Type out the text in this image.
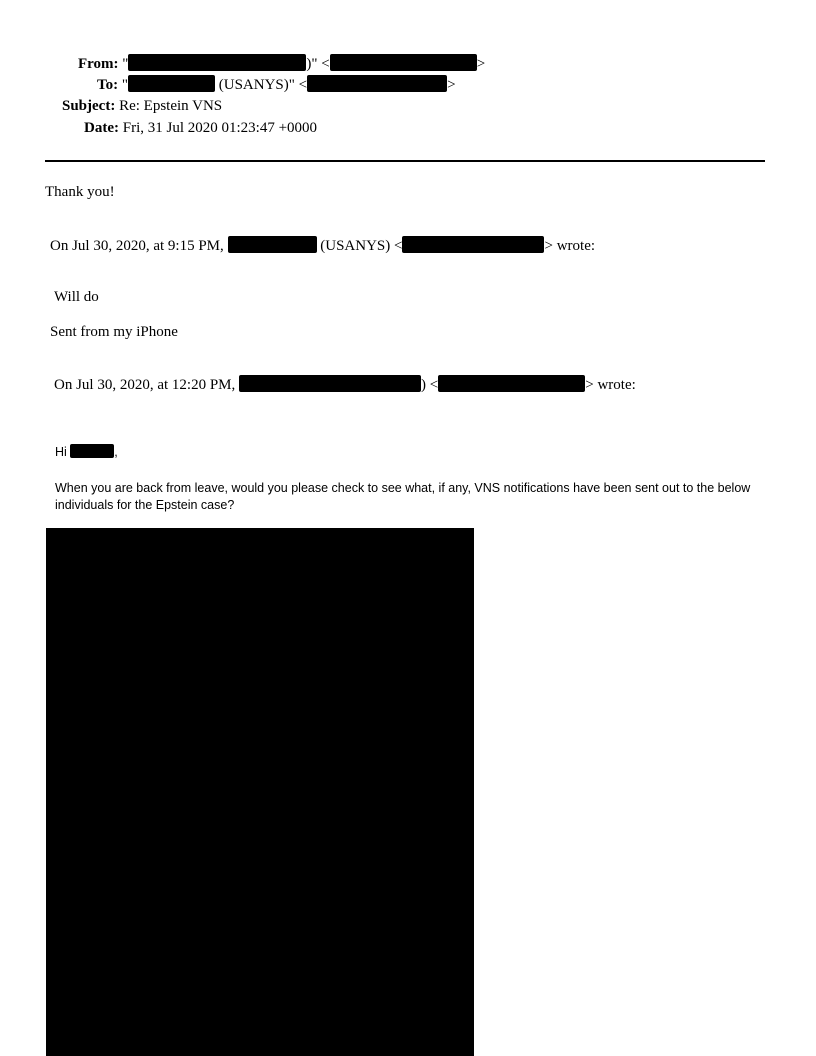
From: "	)" <	>
To: "	(USANYS)" <	>
Subject: Re: Epstein VNS
Date: Fri, 31 Jul 2020 01:23:47 +0000
Thank you!
On Jul 30, 2020, at 9:15 PM,	(USANYS) <	> wrote:
Will do
Sent from my iPhone
On Jul 30, 2020, at 12:20 PM,	) <	> wrote:
Hi	,
When you are back from leave, would you please check to see what, if any, VNS notifications have been sent out to the below individuals for the Epstein case?
